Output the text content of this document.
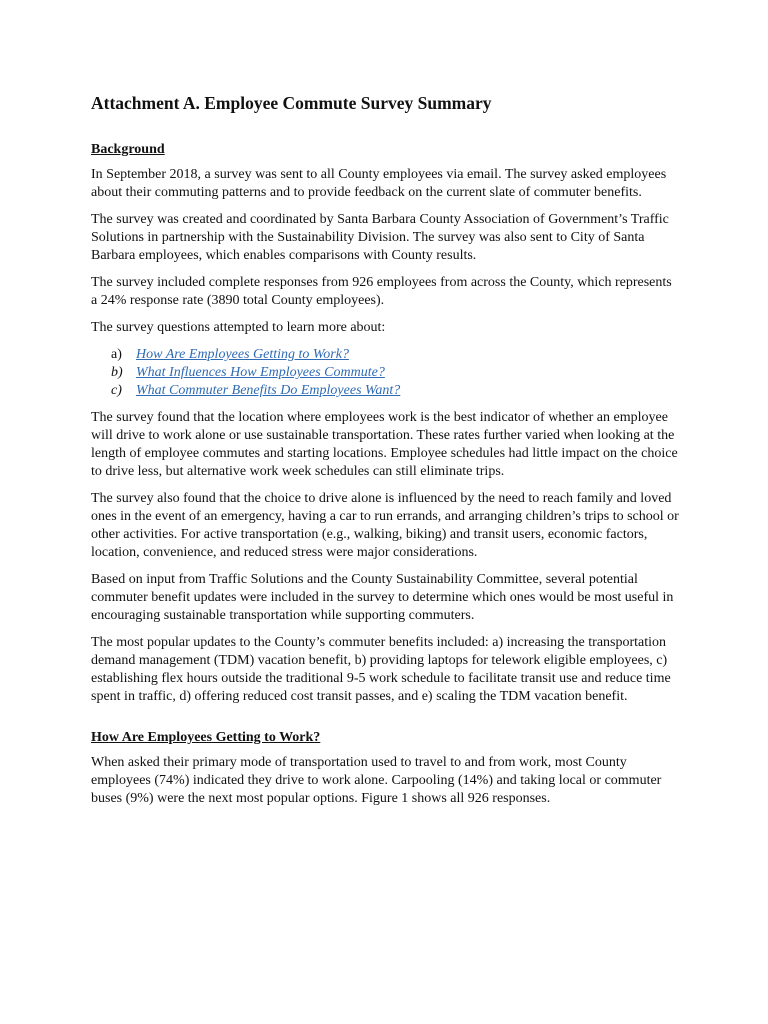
Attachment A. Employee Commute Survey Summary
Background

In September 2018, a survey was sent to all County employees via email. The survey asked employees about their commuting patterns and to provide feedback on the current slate of commuter benefits.

The survey was created and coordinated by Santa Barbara County Association of Government’s Traffic Solutions in partnership with the Sustainability Division. The survey was also sent to City of Santa Barbara employees, which enables comparisons with County results.

The survey included complete responses from 926 employees from across the County, which represents a 24% response rate (3890 total County employees).

The survey questions attempted to learn more about:

a)	How Are Employees Getting to Work?
b) What Influences How Employees Commute?
c)	What Commuter Benefits Do Employees Want?

The survey found that the location where employees work is the best indicator of whether an employee will drive to work alone or use sustainable transportation. These rates further varied when looking at the length of employee commutes and starting locations. Employee schedules had little impact on the choice to drive less, but alternative work week schedules can still eliminate trips.

The survey also found that the choice to drive alone is influenced by the need to reach family and loved ones in the event of an emergency, having a car to run errands, and arranging children’s trips to school or other activities. For active transportation (e.g., walking, biking) and transit users, economic factors, location, convenience, and reduced stress were major considerations.

Based on input from Traffic Solutions and the County Sustainability Committee, several potential commuter benefit updates were included in the survey to determine which ones would be most useful in encouraging sustainable transportation while supporting commuters.

The most popular updates to the County’s commuter benefits included: a) increasing the transportation demand management (TDM) vacation benefit, b) providing laptops for telework eligible employees, c) establishing flex hours outside the traditional 9-5 work schedule to facilitate transit use and reduce time spent in traffic, d) offering reduced cost transit passes, and e) scaling the TDM vacation benefit.

How Are Employees Getting to Work?

When asked their primary mode of transportation used to travel to and from work, most County employees (74%) indicated they drive to work alone. Carpooling (14%) and taking local or commuter buses (9%) were the next most popular options. Figure 1 shows all 926 responses.
